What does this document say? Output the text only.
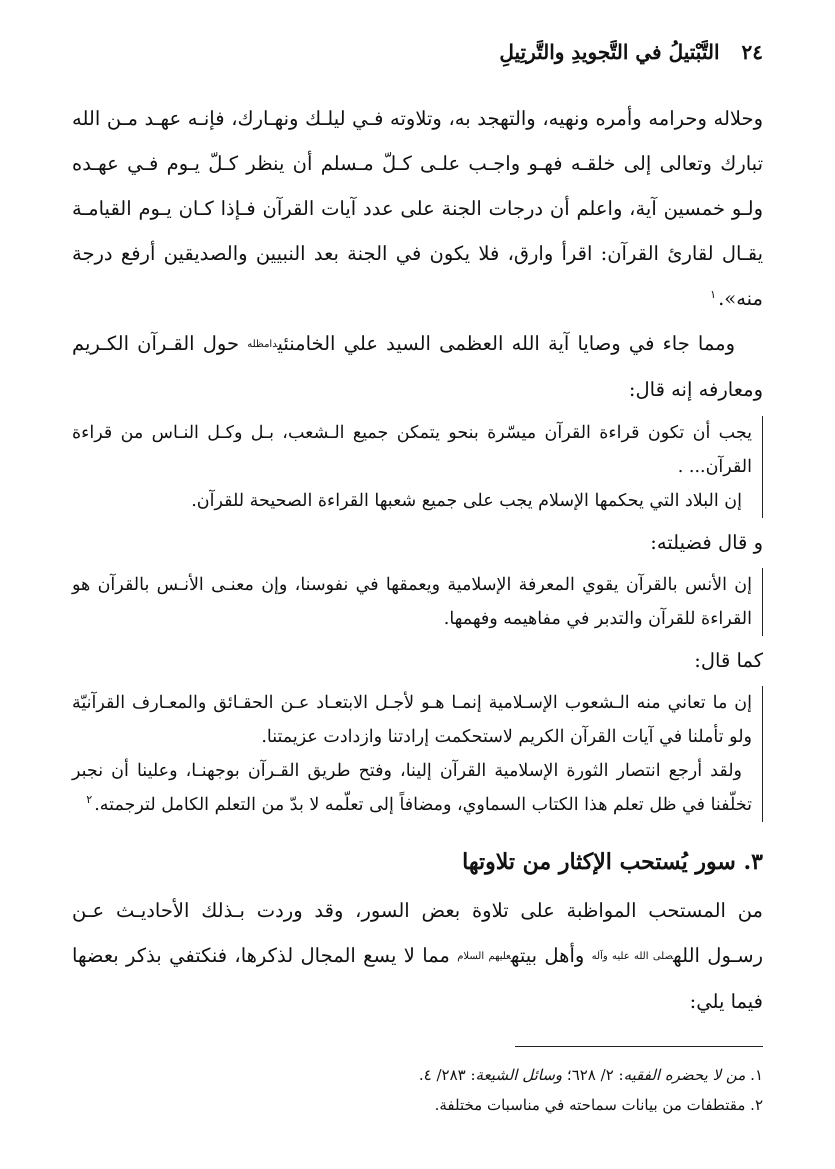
٢٤
التَّبْتيلُ في التَّجويدِ والتَّرتِيلِ

وحلاله وحرامه وأمره ونهيه، والتهجد به، وتلاوته فـي ليلـك ونهـارك، فإنـه عهـد مـن الله تبارك وتعالى إلى خلقـه فهـو واجـب علـى كـلّ مـسلم أن ينظر كـلّ يـوم فـي عهـده ولـو خمسين آية، واعلم أن درجات الجنة على عدد آيات القرآن فـإذا كـان يـوم القيامـة يقـال لقارئ القرآن: اقرأ وارق، فلا يكون في الجنة بعد النبيين والصديقين أرفع درجة منه».$^١$

ومما جاء في وصايا آية الله العظمى السيد علي الخامنئيدامظله حول القـرآن الكـريم ومعارفه إنه قال:

يجب أن تكون قراءة القرآن ميسّرة بنحو يتمكن جميع الـشعب، بـل وكـل النـاس من قراءة القرآن... .

إن البلاد التي يحكمها الإسلام يجب على جميع شعبها القراءة الصحيحة للقرآن.

و قال فضيلته:

إن الأنس بالقرآن يقوي المعرفة الإسلامية ويعمقها في نفوسنا، وإن معنـى الأنـس بالقرآن هو القراءة للقرآن والتدبر في مفاهيمه وفهمها.

كما قال:

إن ما تعاني منه الـشعوب الإسـلامية إنمـا هـو لأجـل الابتعـاد عـن الحقـائق والمعـارف القرآنيّة ولو تأملنا في آيات القرآن الكريم لاستحكمت إرادتنا وازدادت عزيمتنا.

ولقد أرجع انتصار الثورة الإسلامية القرآن إلينا، وفتح طريق القـرآن بوجهنـا، وعلينا أن نجبر تخلّفنا في ظل تعلم هذا الكتاب السماوي، ومضافاً إلى تعلّمه لا بدّ من التعلم الكامل لترجمته.$^٢$

٣. سور يُستحب الإكثار من تلاوتها

من المستحب المواظبة على تلاوة بعض السور، وقد وردت بـذلك الأحاديـث عـن رسـول اللهصلى الله عليه وآله وأهل بيتهعليهم السلام مما لا يسع المجال لذكرها، فنكتفي بذكر بعضها فيما يلي:

١. من لا يحضره الفقيه: ٢/ ٦٢٨؛ وسائل الشيعة: ٢٨٣/ ٤.

٢. مقتطفات من بيانات سماحته في مناسبات مختلفة.
